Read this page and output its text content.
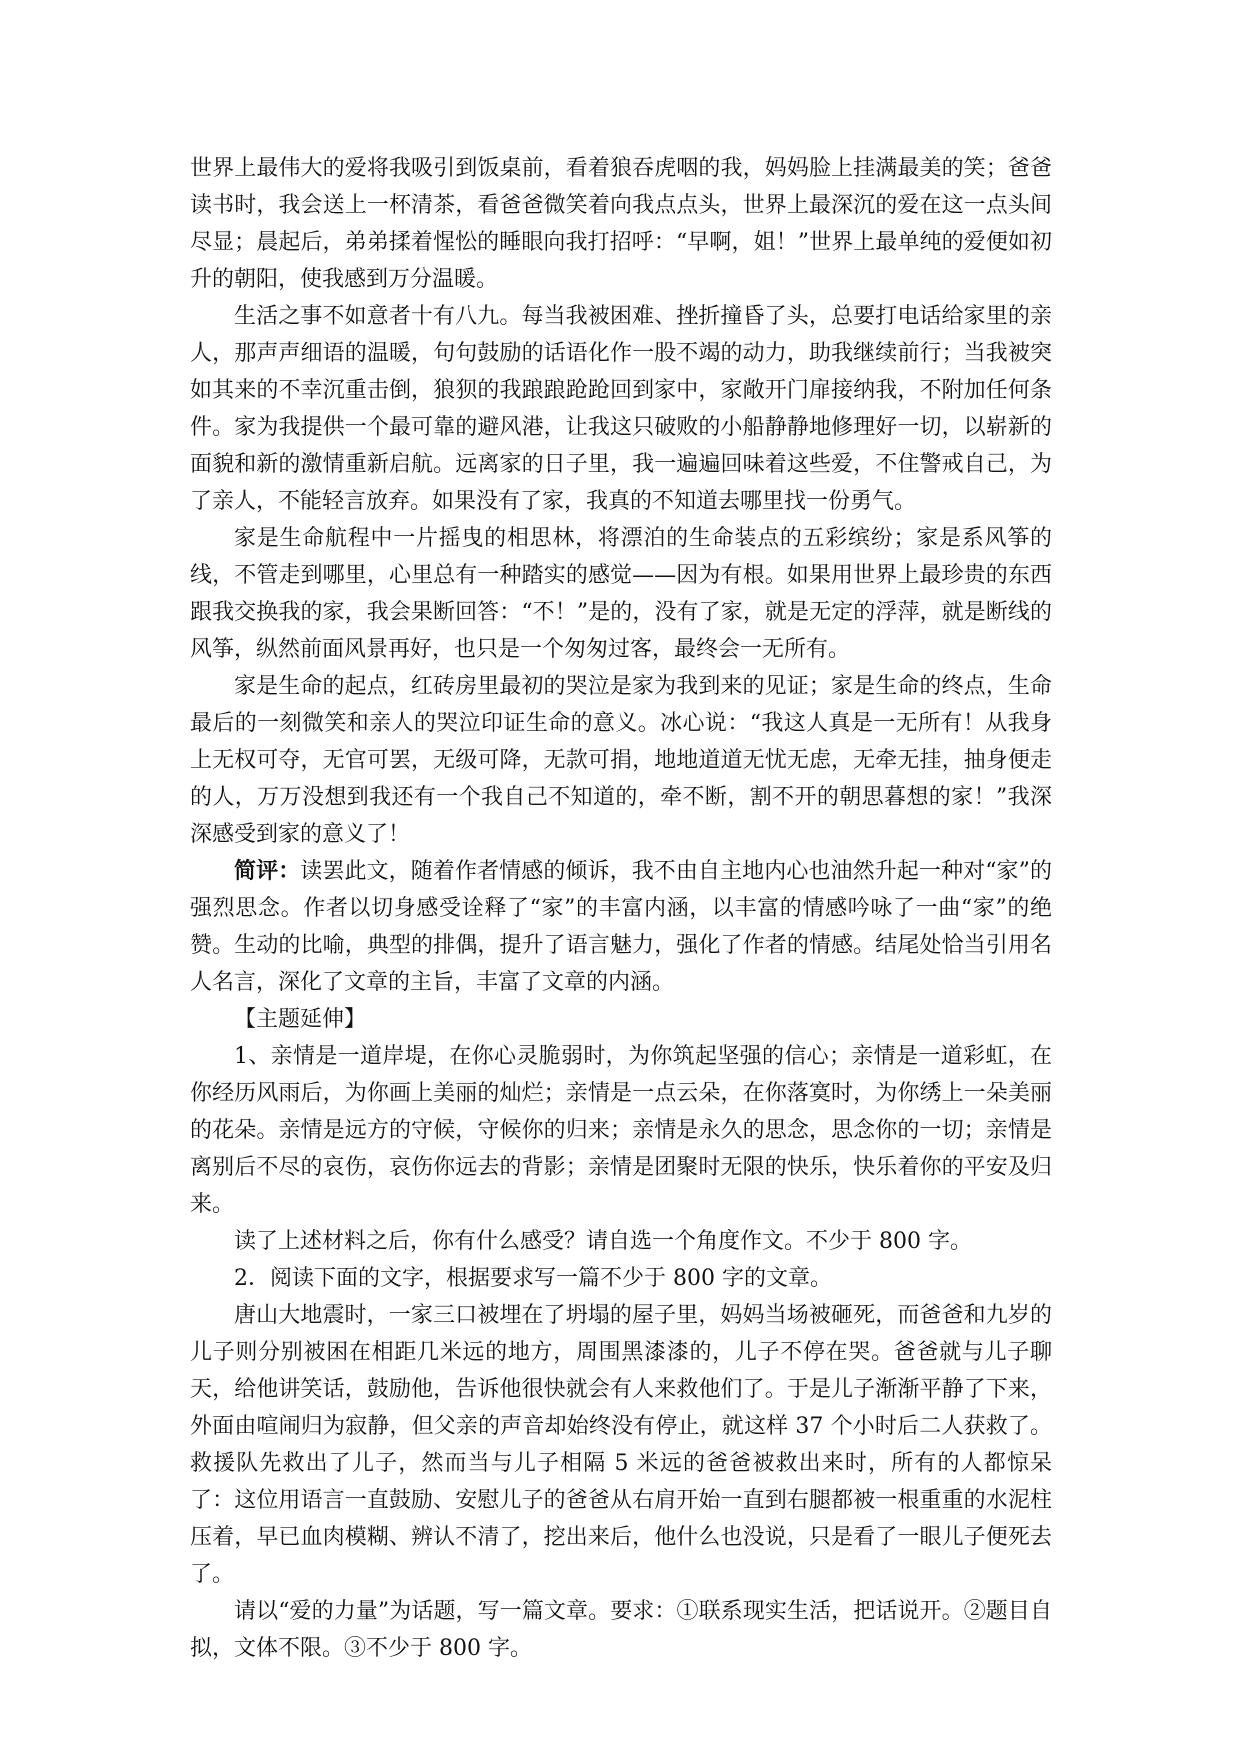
世界上最伟大的爱将我吸引到饭桌前，看着狼吞虎咽的我，妈妈脸上挂满最美的笑；爸爸读书时，我会送上一杯清茶，看爸爸微笑着向我点点头，世界上最深沉的爱在这一点头间尽显；晨起后，弟弟揉着惺忪的睡眼向我打招呼：“早啊，姐！”世界上最单纯的爱便如初升的朝阳，使我感到万分温暖。

生活之事不如意者十有八九。每当我被困难、挫折撞昏了头，总要打电话给家里的亲人，那声声细语的温暖，句句鼓励的话语化作一股不竭的动力，助我继续前行；当我被突如其来的不幸沉重击倒，狼狈的我踉踉跄跄回到家中，家敞开门扉接纳我，不附加任何条件。家为我提供一个最可靠的避风港，让我这只破败的小船静静地修理好一切，以崭新的面貌和新的激情重新启航。远离家的日子里，我一遍遍回味着这些爱，不住警戒自己，为了亲人，不能轻言放弃。如果没有了家，我真的不知道去哪里找一份勇气。

家是生命航程中一片摇曳的相思林，将漂泊的生命装点的五彩缤纷；家是系风筝的线，不管走到哪里，心里总有一种踏实的感觉——因为有根。如果用世界上最珍贵的东西跟我交换我的家，我会果断回答：“不！”是的，没有了家，就是无定的浮萍，就是断线的风筝，纵然前面风景再好，也只是一个匆匆过客，最终会一无所有。

家是生命的起点，红砖房里最初的哭泣是家为我到来的见证；家是生命的终点，生命最后的一刻微笑和亲人的哭泣印证生命的意义。冰心说：“我这人真是一无所有！从我身上无权可夺，无官可罢，无级可降，无款可捐，地地道道无忧无虑，无牵无挂，抽身便走的人，万万没想到我还有一个我自己不知道的，牵不断，割不开的朝思暮想的家！”我深深感受到家的意义了！

简评：读罢此文，随着作者情感的倾诉，我不由自主地内心也油然升起一种对“家”的强烈思念。作者以切身感受诠释了“家”的丰富内涵，以丰富的情感吟咏了一曲“家”的绝赞。生动的比喻，典型的排偶，提升了语言魅力，强化了作者的情感。结尾处恰当引用名人名言，深化了文章的主旨，丰富了文章的内涵。

【主题延伸】

1、亲情是一道岸堤，在你心灵脆弱时，为你筑起坚强的信心；亲情是一道彩虹，在你经历风雨后，为你画上美丽的灿烂；亲情是一点云朵，在你落寞时，为你绣上一朵美丽的花朵。亲情是远方的守候，守候你的归来；亲情是永久的思念，思念你的一切；亲情是离别后不尽的哀伤，哀伤你远去的背影；亲情是团聚时无限的快乐，快乐着你的平安及归来。

读了上述材料之后，你有什么感受？请自选一个角度作文。不少于 800 字。

2．阅读下面的文字，根据要求写一篇不少于 800 字的文章。

唐山大地震时，一家三口被埋在了坍塌的屋子里，妈妈当场被砸死，而爸爸和九岁的儿子则分别被困在相距几米远的地方，周围黑漆漆的，儿子不停在哭。爸爸就与儿子聊天，给他讲笑话，鼓励他，告诉他很快就会有人来救他们了。于是儿子渐渐平静了下来，外面由喧闹归为寂静，但父亲的声音却始终没有停止，就这样 37 个小时后二人获救了。救援队先救出了儿子，然而当与儿子相隔 5 米远的爸爸被救出来时，所有的人都惊呆了：这位用语言一直鼓励、安慰儿子的爸爸从右肩开始一直到右腿都被一根重重的水泥柱压着，早已血肉模糊、辨认不清了，挖出来后，他什么也没说，只是看了一眼儿子便死去了。

请以“爱的力量”为话题，写一篇文章。要求：①联系现实生活，把话说开。②题目自拟，文体不限。③不少于 800 字。
